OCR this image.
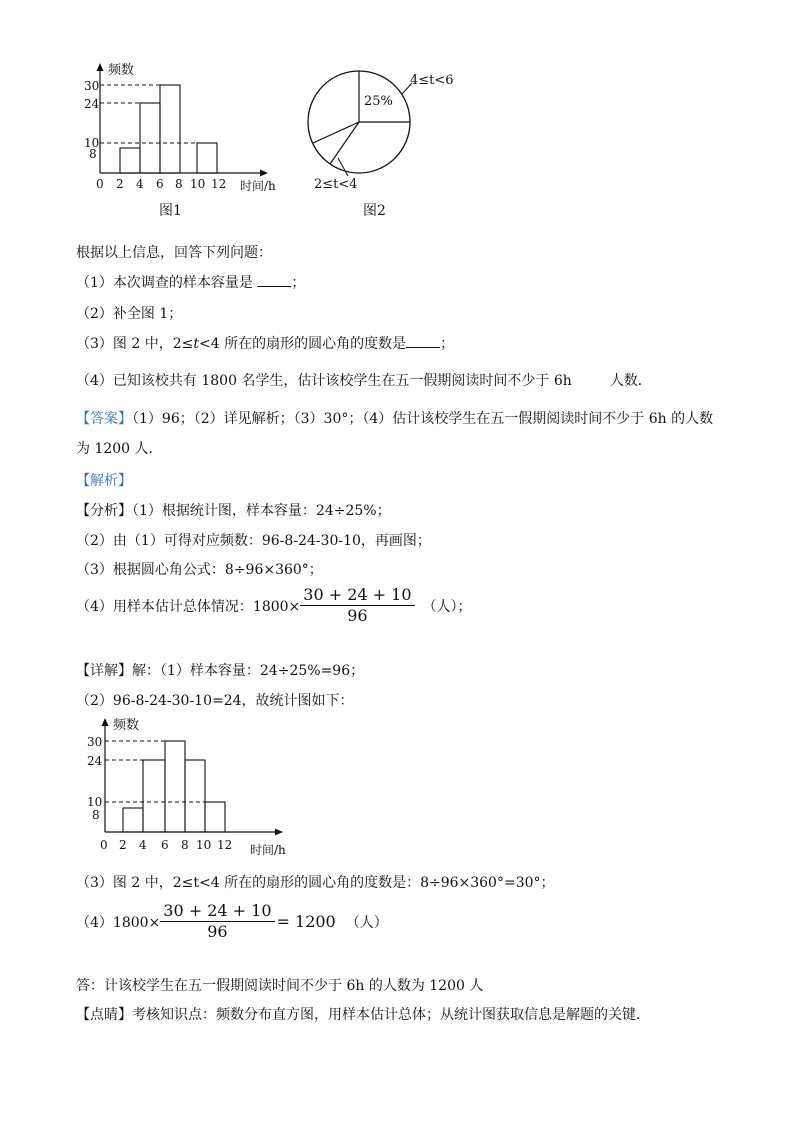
频数
30
24
10
8
0 2 4 6 8 10 12 时间/h
图1
25%
4≤t<6
2≤t<4
图2
根据以上信息，回答下列问题：
（1）本次调查的样本容量是	；
（2）补全图 1；
（3）图 2 中，2≤t<4 所在的扇形的圆心角的度数是 ；
（4）已知该校共有 1800 名学生，估计该校学生在五一假期阅读时间不少于 6h	人数．
【答案】（1）96；（2）详见解析；（3）30°；（4）估计该校学生在五一假期阅读时间不少于 6h 的人数
为 1200 人．
【解析】
【分析】（1）根据统计图，样本容量：24÷25%；
（2）由（1）可得对应频数：96-8-24-30-10，再画图；
（3）根据圆心角公式：8÷96×360°；
（4）用样本估计总体情况：$1800\times \frac{30 + 24 + 10}{96}$ （人）；
【详解】解：（1）样本容量：24÷25%=96；
（2）96-8-24-30-10=24，故统计图如下：
频数
30
24
10
8
0 2 4 6 8 10 12 时间/h
（3）图 2 中，2≤t<4 所在的扇形的圆心角的度数是：8÷96×360°=30°；
$(4)1800\times \frac{30 + 24 + 10}{96} = 1200$ （人）
答：计该校学生在五一假期阅读时间不少于 6h 的人数为 1200 人
【点睛】考核知识点：频数分布直方图，用样本估计总体；从统计图获取信息是解题的关键．
